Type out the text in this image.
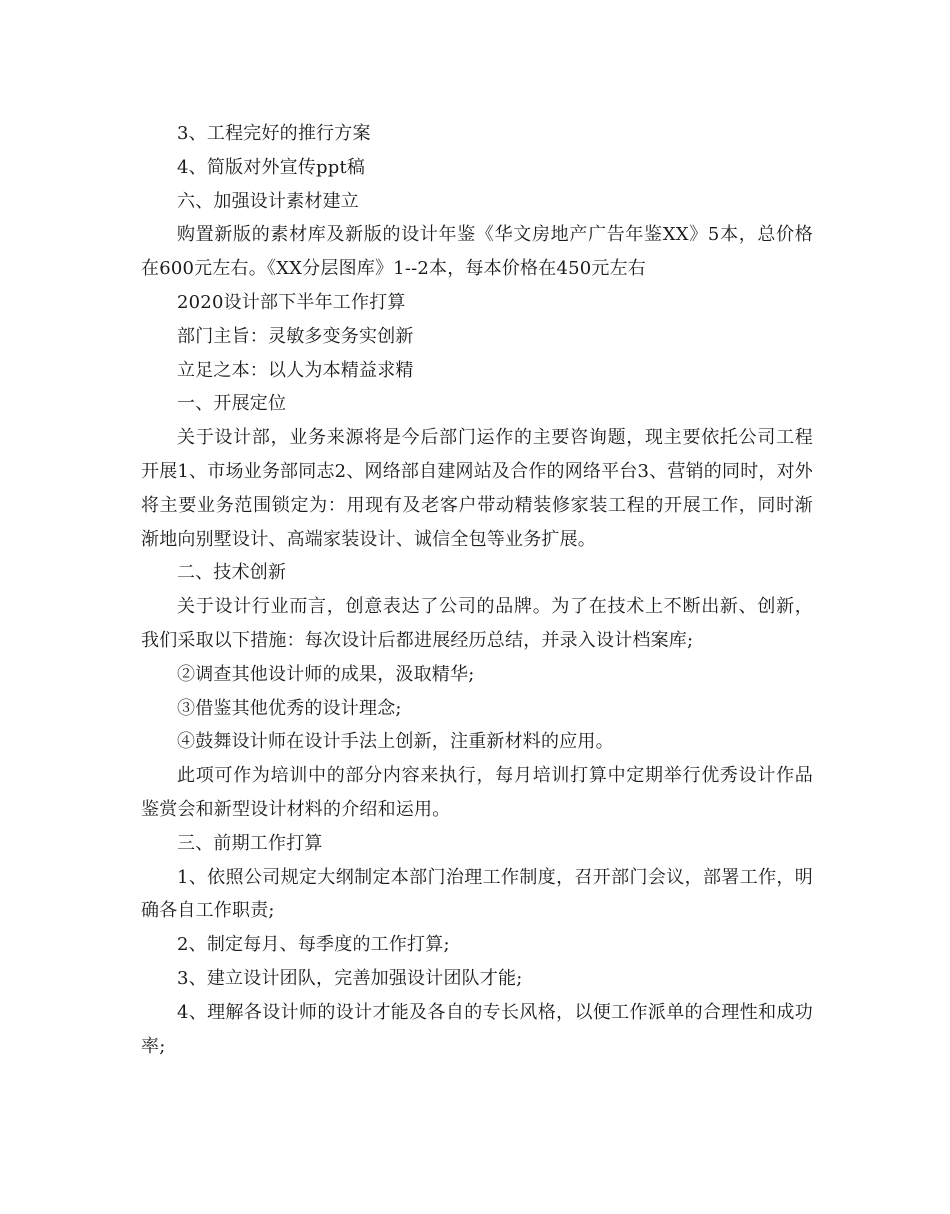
3、工程完好的推行方案

4、简版对外宣传ppt稿

六、加强设计素材建立

购置新版的素材库及新版的设计年鉴《华文房地产广告年鉴XX》5本，总价格在600元左右。《XX分层图库》1--2本，每本价格在450元左右

2020设计部下半年工作打算

部门主旨：灵敏多变务实创新

立足之本：以人为本精益求精

一、开展定位

关于设计部，业务来源将是今后部门运作的主要咨询题，现主要依托公司工程开展1、市场业务部同志2、网络部自建网站及合作的网络平台3、营销的同时，对外将主要业务范围锁定为：用现有及老客户带动精装修家装工程的开展工作，同时渐渐地向别墅设计、高端家装设计、诚信全包等业务扩展。

二、技术创新

关于设计行业而言，创意表达了公司的品牌。为了在技术上不断出新、创新，我们采取以下措施：每次设计后都进展经历总结，并录入设计档案库;

②调查其他设计师的成果，汲取精华;

③借鉴其他优秀的设计理念;

④鼓舞设计师在设计手法上创新，注重新材料的应用。

此项可作为培训中的部分内容来执行，每月培训打算中定期举行优秀设计作品鉴赏会和新型设计材料的介绍和运用。

三、前期工作打算

1、依照公司规定大纲制定本部门治理工作制度，召开部门会议，部署工作，明确各自工作职责;

2、制定每月、每季度的工作打算;

3、建立设计团队，完善加强设计团队才能;

4、理解各设计师的设计才能及各自的专长风格，以便工作派单的合理性和成功率;
